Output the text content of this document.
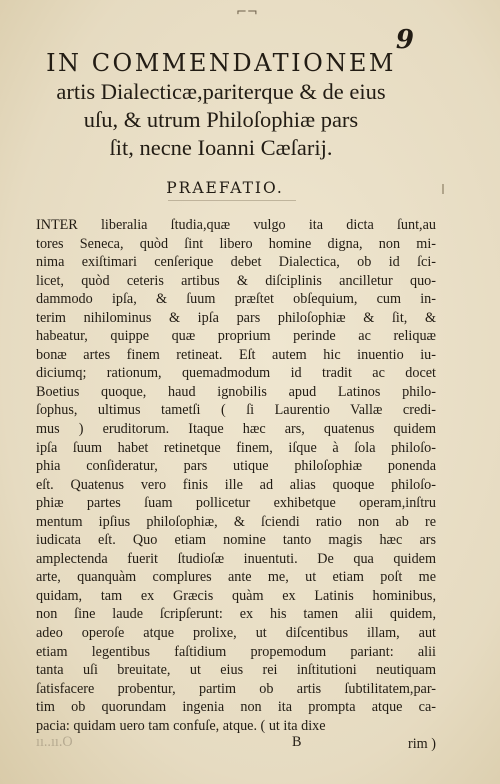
⌐¬
9
IN COMMENDATIONEM
artis Dialecticæ,pariterque & de eius
uſu, & utrum Philoſophiæ pars
ſit, necne Ioanni Cæſarij.
PRAEFATIO.
INTER liberalia ſtudia,quæ vulgo ita dicta ſunt,au
tores Seneca, quòd ſint libero homine digna, non mi-
nima exiſtimari cenſerique debet Dialectica, ob id ſci-
licet, quòd ceteris artibus & diſciplinis ancilletur quo-
dammodo ipſa, & ſuum præſtet obſequium, cum in-
terim nihilominus & ipſa pars philoſophiæ & ſit, &
habeatur, quippe quæ proprium perinde ac reliquæ
bonæ artes finem retineat. Eſt autem hic inuentio iu-
diciumq; rationum, quemadmodum id tradit ac docet
Boetius quoque, haud ignobilis apud Latinos philo-
ſophus, ultimus tametſi ( ſi Laurentio Vallæ credi-
mus ) eruditorum. Itaque hæc ars, quatenus quidem
ipſa ſuum habet retinetque finem, iſque à ſola philoſo-
phia conſideratur, pars utique philoſophiæ ponenda
eſt. Quatenus vero finis ille ad alias quoque philoſo-
phiæ partes ſuam pollicetur exhibetque operam,inſtru
mentum ipſius philoſophiæ, & ſciendi ratio non ab re
iudicata eſt. Quo etiam nomine tanto magis hæc ars
amplectenda fuerit ſtudioſæ inuentuti. De qua quidem
arte, quanquàm complures ante me, ut etiam poſt me
quidam, tam ex Græcis quàm ex Latinis hominibus,
non ſine laude ſcripſerunt: ex his tamen alii quidem,
adeo operoſe atque prolixe, ut diſcentibus illam, aut
etiam legentibus faſtidium propemodum pariant: alii
tanta uſi breuitate, ut eius rei inſtitutioni neutiquam
ſatisfacere probentur, partim ob artis ſubtilitatem,par-
tim ob quorundam ingenia non ita prompta atque ca-
pacia: quidam uero tam confuſe, atque. ( ut ita dixe
ıı..ıı.O	B	rim )
